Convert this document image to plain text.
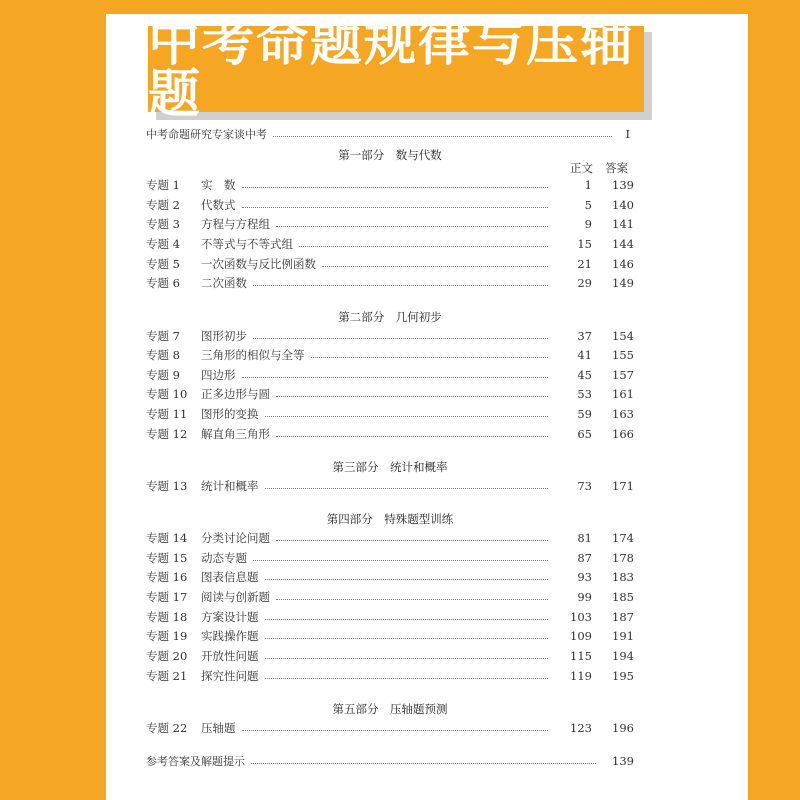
中考命题规律与压轴题
中考命题研究专家谈中考	I
第一部分　数与代数
正文 答案
专题 1	实　数	1	139
专题 2	代数式	5	140
专题 3	方程与方程组	9	141
专题 4	不等式与不等式组	15	144
专题 5	一次函数与反比例函数	21	146
专题 6	二次函数	29	149
第二部分　几何初步
专题 7	图形初步	37	154
专题 8	三角形的相似与全等	41	155
专题 9	四边形	45	157
专题 10	正多边形与圆	53	161
专题 11	图形的变换	59	163
专题 12	解直角三角形	65	166
第三部分　统计和概率
专题 13	统计和概率	73	171
第四部分　特殊题型训练
专题 14	分类讨论问题	81	174
专题 15	动态专题	87	178
专题 16	图表信息题	93	183
专题 17	阅读与创新题	99	185
专题 18	方案设计题	103	187
专题 19	实践操作题	109	191
专题 20	开放性问题	115	194
专题 21	探究性问题	119	195
第五部分　压轴题预测
专题 22	压轴题	123	196
参考答案及解题提示	139
